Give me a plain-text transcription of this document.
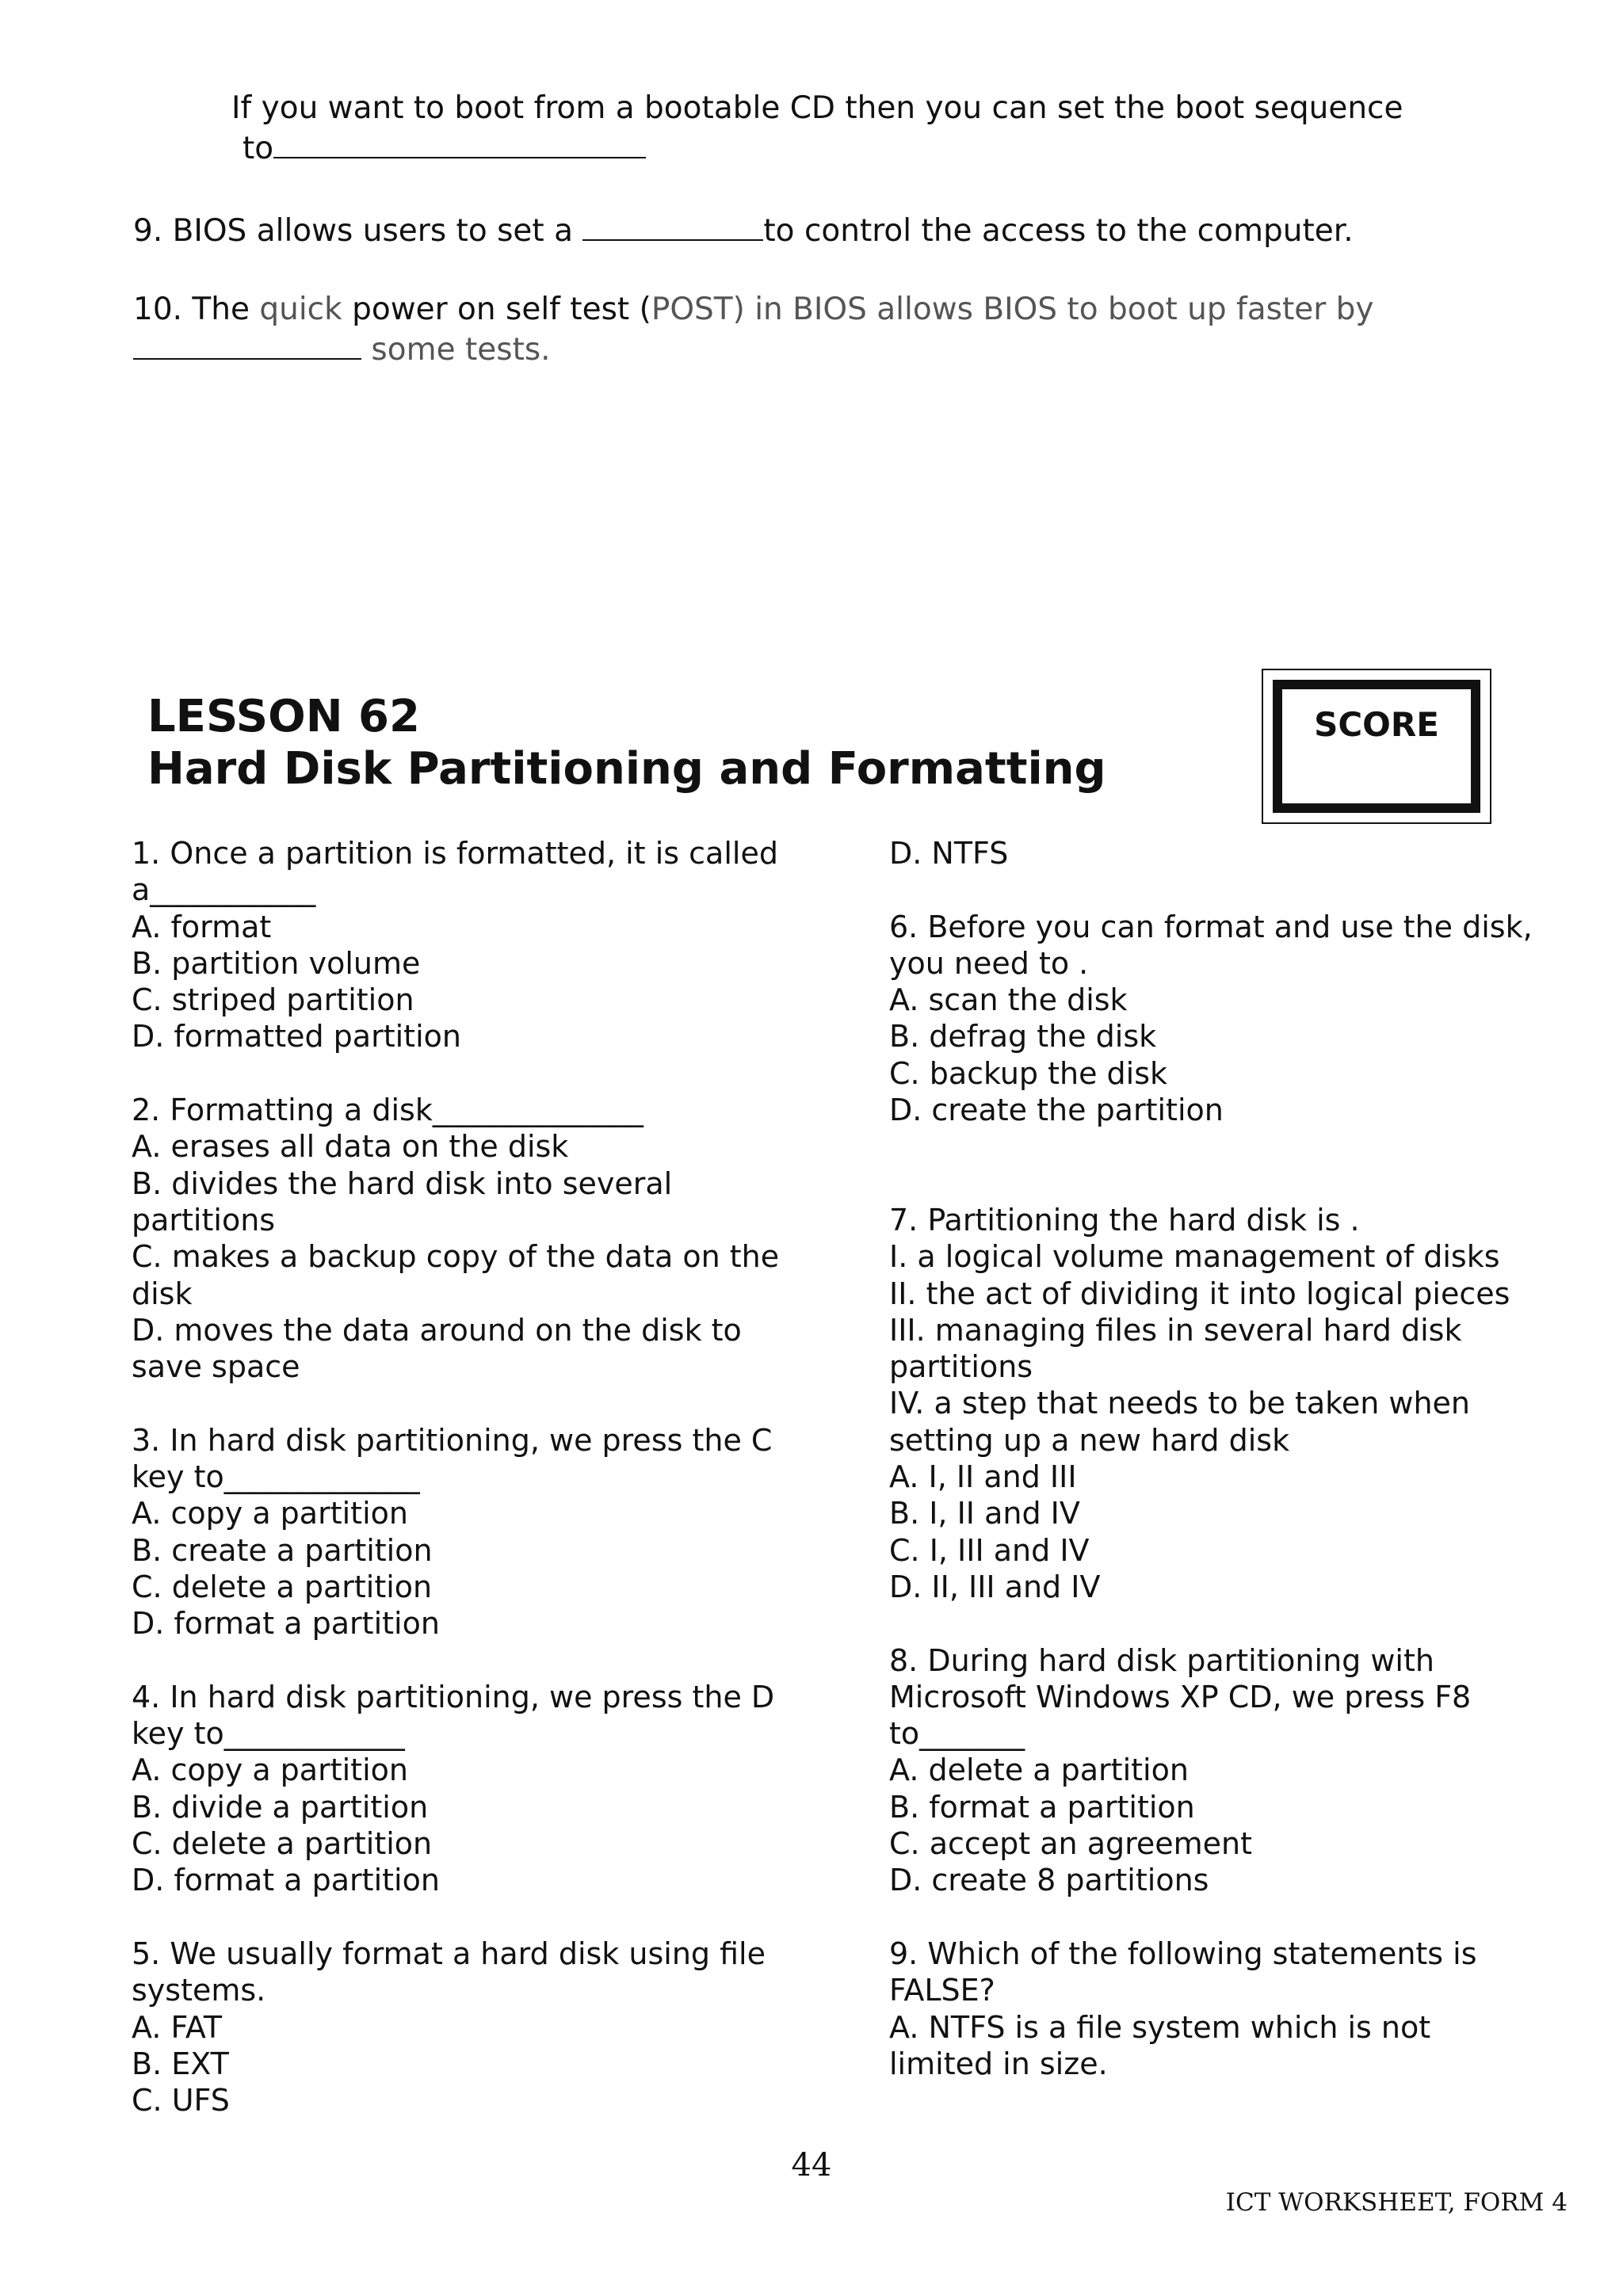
If you want to boot from a bootable CD then you can set the boot sequence
to
9. BIOS allows users to set a	to control the access to the computer.
10. The quick power on self test (POST) in BIOS allows BIOS to boot up faster by
some tests.
LESSON 62
Hard Disk Partitioning and Formatting
SCORE
1. Once a partition is formatted, it is called
a___________
A. format
B. partition volume
C. striped partition
D. formatted partition
2. Formatting a disk______________
A. erases all data on the disk
B. divides the hard disk into several
partitions
C. makes a backup copy of the data on the
disk
D. moves the data around on the disk to
save space
3. In hard disk partitioning, we press the C
key to_____________
A. copy a partition
B. create a partition
C. delete a partition
D. format a partition
4. In hard disk partitioning, we press the D
key to____________
A. copy a partition
B. divide a partition
C. delete a partition
D. format a partition
5. We usually format a hard disk using file
systems.
A. FAT
B. EXT
C. UFS
D. NTFS
6. Before you can format and use the disk,
you need to .
A. scan the disk
B. defrag the disk
C. backup the disk
D. create the partition
7. Partitioning the hard disk is .
I. a logical volume management of disks
II. the act of dividing it into logical pieces
III. managing files in several hard disk
partitions
IV. a step that needs to be taken when
setting up a new hard disk
A. I, II and III
B. I, II and IV
C. I, III and IV
D. II, III and IV
8. During hard disk partitioning with
Microsoft Windows XP CD, we press F8
to_______
A. delete a partition
B. format a partition
C. accept an agreement
D. create 8 partitions
9. Which of the following statements is
FALSE?
A. NTFS is a file system which is not
limited in size.
44
ICT WORKSHEET, FORM 4
